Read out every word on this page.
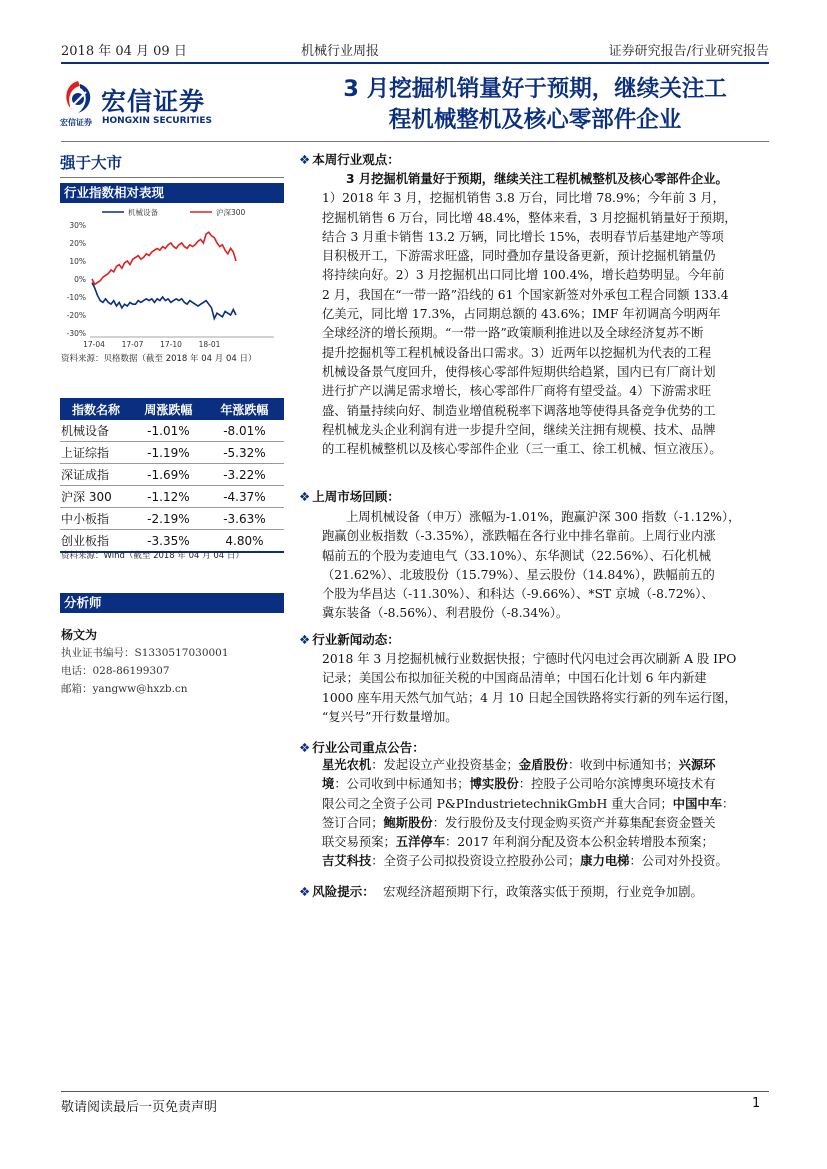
2018 年 04 月 09 日	机械行业周报	证券研究报告/行业研究报告
宏信证券
宏信证券 HONGXIN SECURITIES
3 月挖掘机销量好于预期，继续关注工
程机械整机及核心零部件企业
强于大市
行业指数相对表现
30%
20%
10%
0%
-10%
-20%
-30%
17-04 17-07 17-10 18-01
机械设备	沪深300
资料来源：贝格数据（截至 2018 年 04 月 04 日）
指数名称	周涨跌幅	年涨跌幅
机械设备	-1.01%	-8.01%
上证综指	-1.19%	-5.32%
深证成指	-1.69%	-3.22%
沪深 300	-1.12%	-4.37%
中小板指	-2.19%	-3.63%
创业板指	-3.35%	4.80%
资料来源：Wind（截至 2018 年 04 月 04 日）
分析师
杨文为
执业证书编号：S1330517030001
电话：028-86199307
邮箱：yangww@hxzb.cn
❖ 本周行业观点：
3 月挖掘机销量好于预期，继续关注工程机械整机及核心零部件企业。
1）2018 年 3 月，挖掘机销售 3.8 万台，同比增 78.9%；今年前 3 月，
挖掘机销售 6 万台，同比增 48.4%，整体来看，3 月挖掘机销量好于预期，
结合 3 月重卡销售 13.2 万辆，同比增长 15%，表明春节后基建地产等项
目积极开工，下游需求旺盛，同时叠加存量设备更新，预计挖掘机销量仍
将持续向好。2）3 月挖掘机出口同比增 100.4%，增长趋势明显。今年前
2 月，我国在“一带一路”沿线的 61 个国家新签对外承包工程合同额 133.4
亿美元，同比增 17.3%，占同期总额的 43.6%；IMF 年初调高今明两年
全球经济的增长预期。“一带一路”政策顺利推进以及全球经济复苏不断
提升挖掘机等工程机械设备出口需求。3）近两年以挖掘机为代表的工程
机械设备景气度回升，使得核心零部件短期供给趋紧，国内已有厂商计划
进行扩产以满足需求增长，核心零部件厂商将有望受益。4）下游需求旺
盛、销量持续向好、制造业增值税税率下调落地等使得具备竞争优势的工
程机械龙头企业利润有进一步提升空间，继续关注拥有规模、技术、品牌
的工程机械整机以及核心零部件企业（三一重工、徐工机械、恒立液压）。
❖ 上周市场回顾：
上周机械设备（申万）涨幅为-1.01%，跑赢沪深 300 指数（-1.12%），
跑赢创业板指数（-3.35%），涨跌幅在各行业中排名靠前。上周行业内涨
幅前五的个股为麦迪电气（33.10%）、东华测试（22.56%）、石化机械
（21.62%）、北玻股份（15.79%）、星云股份（14.84%），跌幅前五的
个股为华昌达（-11.30%）、和科达（-9.66%）、*ST 京城（-8.72%）、
冀东装备（-8.56%）、利君股份（-8.34%）。
❖ 行业新闻动态：
2018 年 3 月挖掘机械行业数据快报；宁德时代闪电过会再次刷新 A 股 IPO
记录；美国公布拟加征关税的中国商品清单；中国石化计划 6 年内新建
1000 座车用天然气加气站；4 月 10 日起全国铁路将实行新的列车运行图，
“复兴号”开行数量增加。
❖ 行业公司重点公告：
星光农机：发起设立产业投资基金；金盾股份：收到中标通知书；兴源环
境：公司收到中标通知书；博实股份：控股子公司哈尔滨博奥环境技术有
限公司之全资子公司 P&PIndustrietechnikGmbH 重大合同；中国中车：
签订合同；鲍斯股份：发行股份及支付现金购买资产并募集配套资金暨关
联交易预案；五洋停车：2017 年利润分配及资本公积金转增股本预案；
吉艾科技：全资子公司拟投资设立控股孙公司；康力电梯：公司对外投资。
❖ 风险提示： 宏观经济超预期下行，政策落实低于预期，行业竞争加剧。
敬请阅读最后一页免责声明	1
